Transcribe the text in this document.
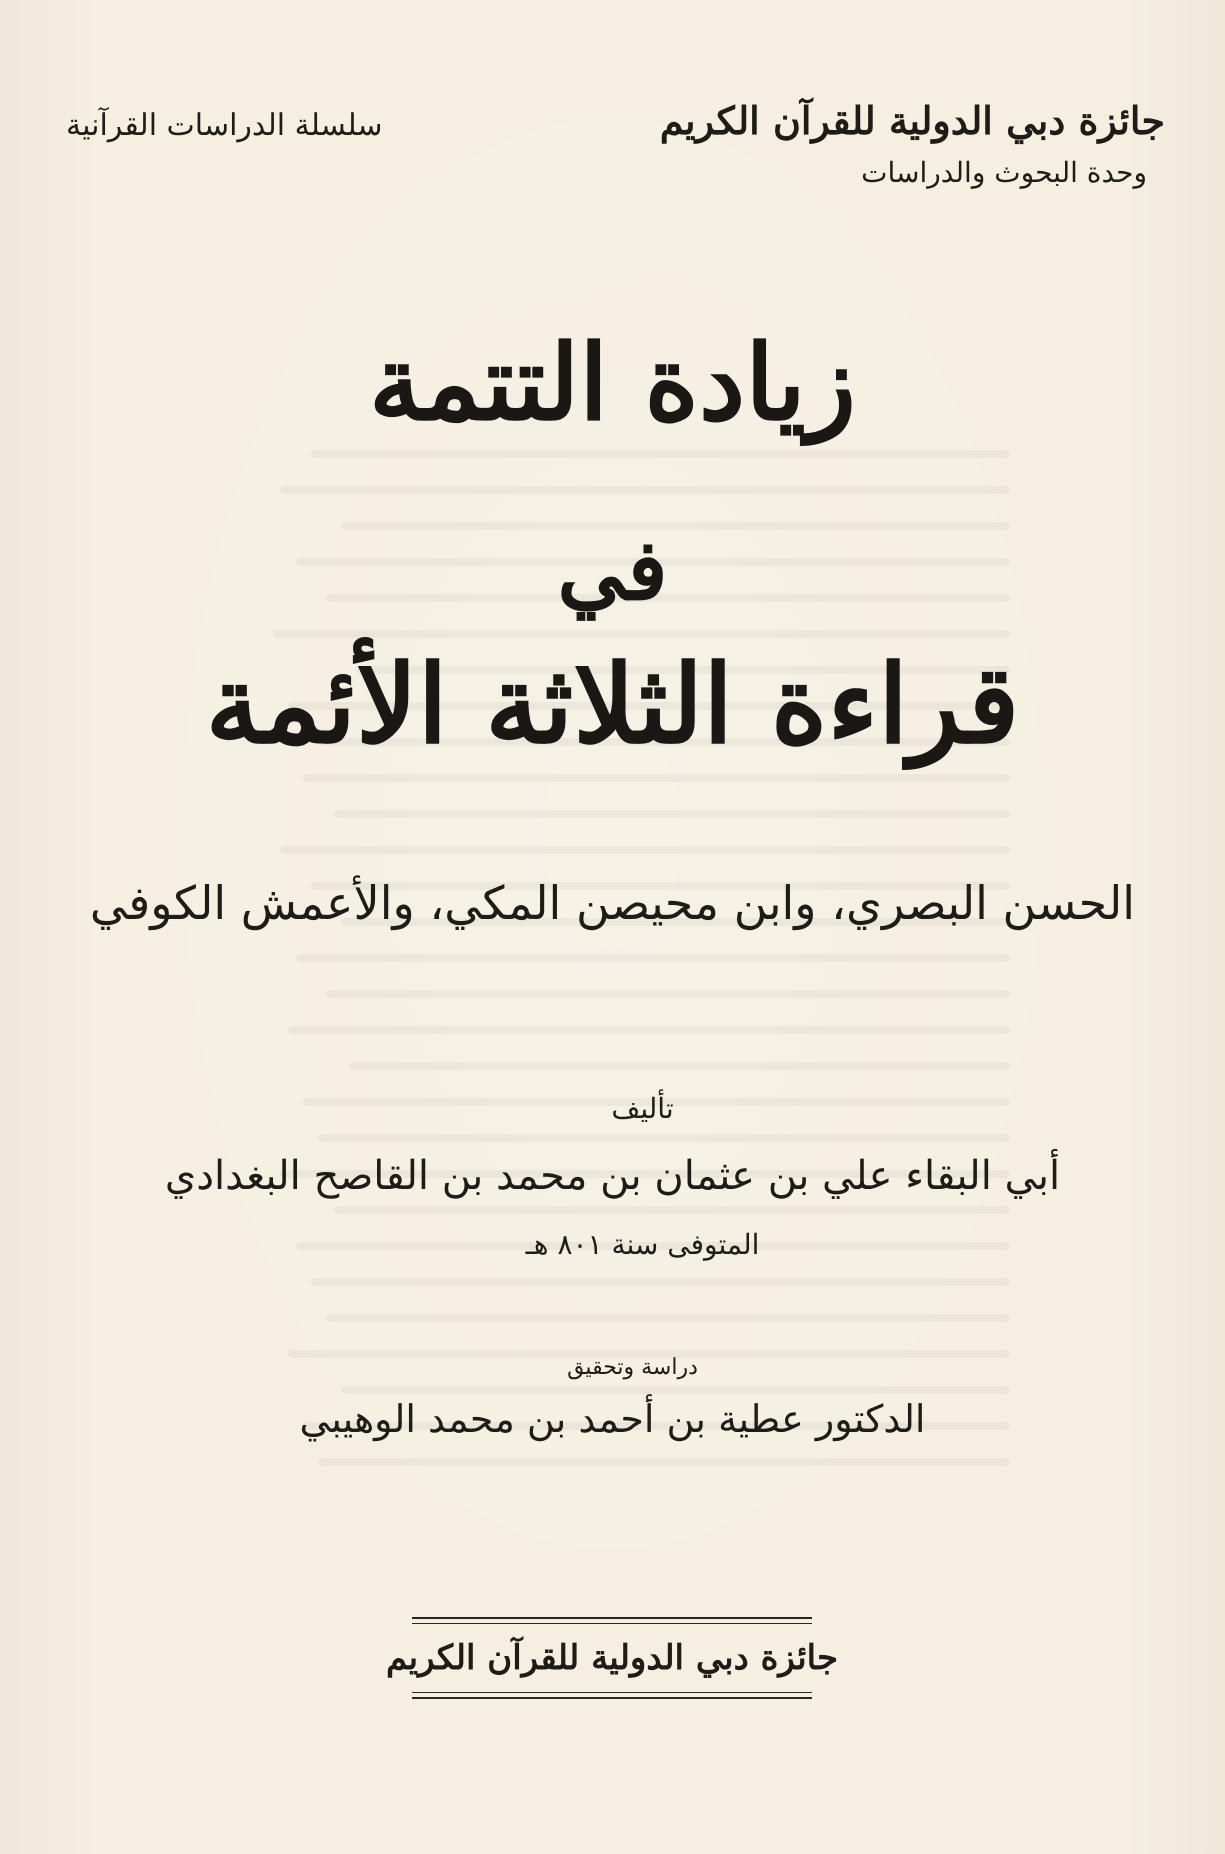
جائزة دبي الدولية للقرآن الكريم
وحدة البحوث والدراسات
سلسلة الدراسات القرآنية
زيادة التتمة
في
قراءة الثلاثة الأئمة
الحسن البصري، وابن محيصن المكي، والأعمش الكوفي
تأليف
أبي البقاء علي بن عثمان بن محمد بن القاصح البغدادي
المتوفى سنة ٨٠١ هـ
دراسة وتحقيق
الدكتور عطية بن أحمد بن محمد الوهيبي
جائزة دبي الدولية للقرآن الكريم
